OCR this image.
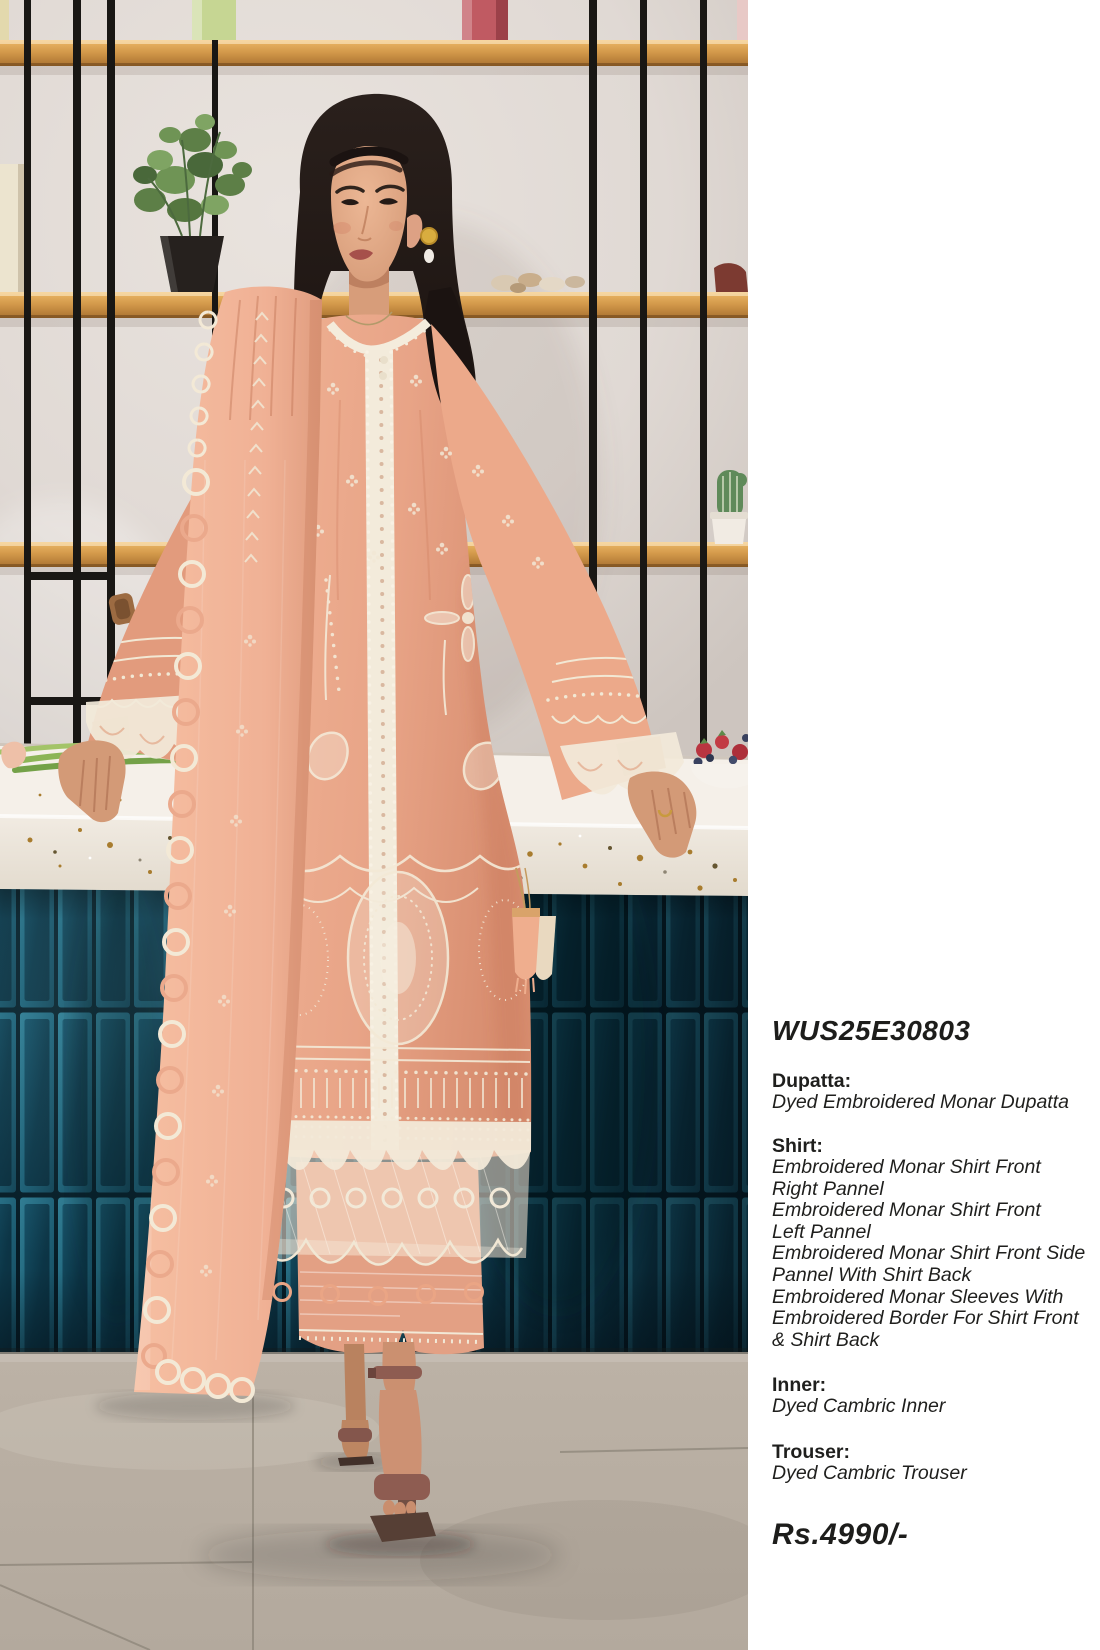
WUS25E30803
Dupatta:

Dyed Embroidered Monar Dupatta

Shirt:

Embroidered Monar Shirt Front

Right Pannel

Embroidered Monar Shirt Front

Left Pannel

Embroidered Monar Shirt Front Side

Pannel With Shirt Back

Embroidered Monar Sleeves With

Embroidered Border For Shirt Front

& Shirt Back

Inner:

Dyed Cambric Inner

Trouser:

Dyed Cambric Trouser

Rs.4990/-
